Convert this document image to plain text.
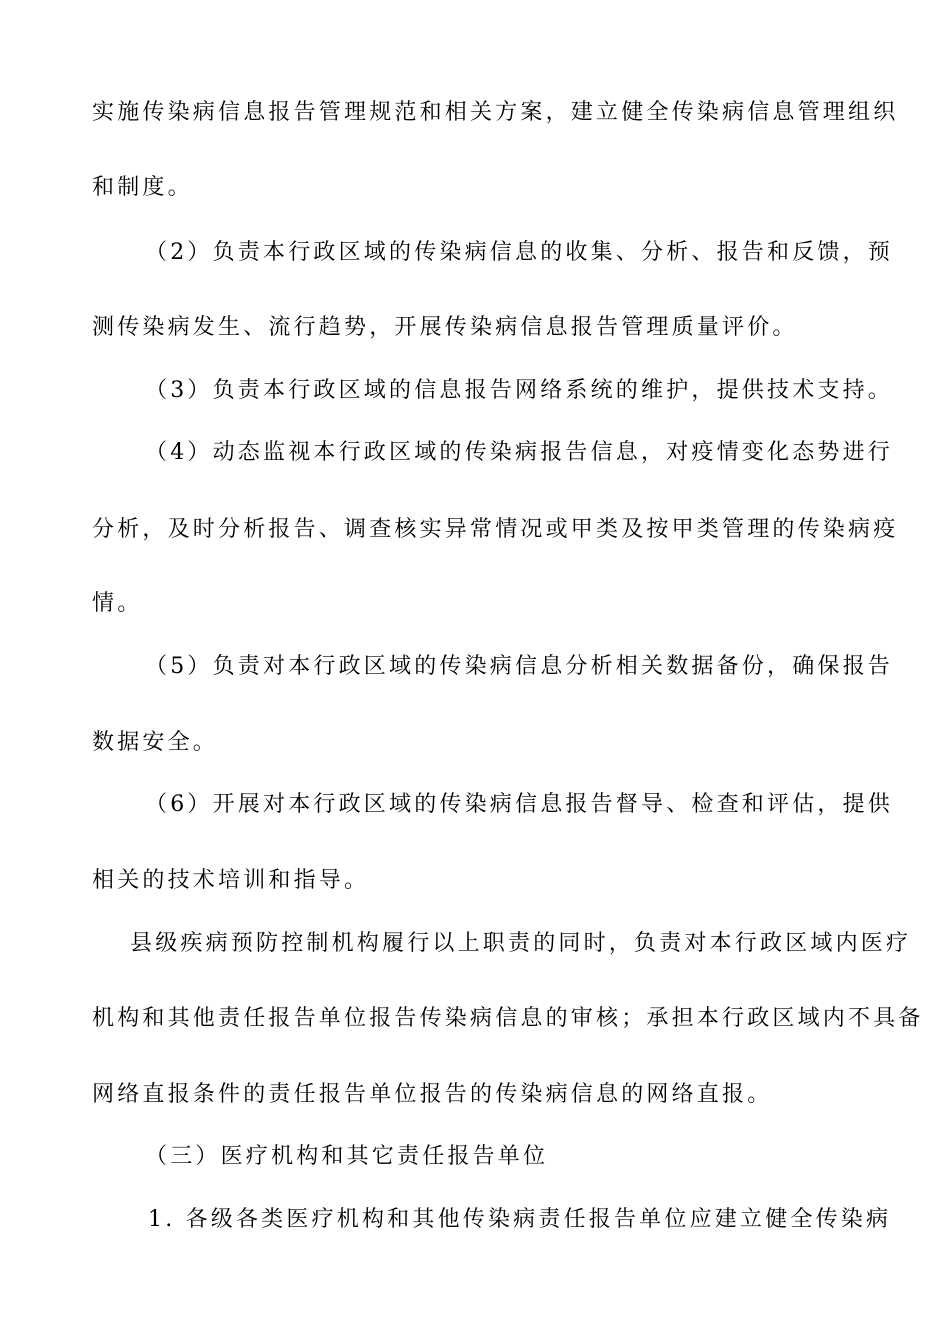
实施传染病信息报告管理规范和相关方案，建立健全传染病信息管理组织
和制度。
（2）负责本行政区域的传染病信息的收集、分析、报告和反馈，预
测传染病发生、流行趋势，开展传染病信息报告管理质量评价。
（3）负责本行政区域的信息报告网络系统的维护，提供技术支持。
（4）动态监视本行政区域的传染病报告信息，对疫情变化态势进行
分析，及时分析报告、调查核实异常情况或甲类及按甲类管理的传染病疫
情。
（5）负责对本行政区域的传染病信息分析相关数据备份，确保报告
数据安全。
（6）开展对本行政区域的传染病信息报告督导、检查和评估，提供
相关的技术培训和指导。
县级疾病预防控制机构履行以上职责的同时，负责对本行政区域内医疗
机构和其他责任报告单位报告传染病信息的审核；承担本行政区域内不具备
网络直报条件的责任报告单位报告的传染病信息的网络直报。
（三）医疗机构和其它责任报告单位
1. 各级各类医疗机构和其他传染病责任报告单位应建立健全传染病
